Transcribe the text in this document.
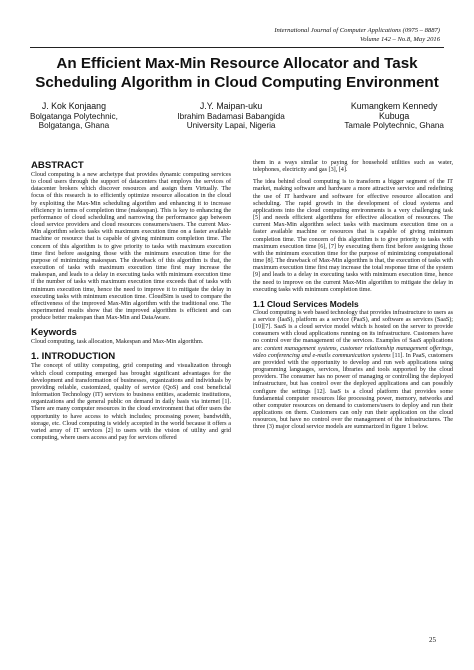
International Journal of Computer Applications (0975 – 8887)
Volume 142 – No.8, May 2016
An Efficient Max-Min Resource Allocator and Task
Scheduling Algorithm in Cloud Computing Environment
J. Kok Konjaang
Bolgatanga Polytechnic,
Bolgatanga, Ghana
J.Y. Maipan-uku
Ibrahim Badamasi Babangida
University Lapai, Nigeria
Kumangkem Kennedy
Kubuga
Tamale Polytechnic, Ghana
ABSTRACT

Cloud computing is a new archetype that provides dynamic computing services to cloud users through the support of datacenters that employs the services of datacenter brokers which discover resources and assign them Virtually. The focus of this research is to efficiently optimize resource allocation in the cloud by exploiting the Max-Min scheduling algorithm and enhancing it to increase efficiency in terms of completion time (makespan). This is key to enhancing the performance of cloud scheduling and narrowing the performance gap between cloud service providers and cloud resources consumers/users. The current Max-Min algorithm selects tasks with maximum execution time on a faster available machine or resource that is capable of giving minimum completion time. The concern of this algorithm is to give priority to tasks with maximum execution time first before assigning those with the minimum execution time for the purpose of minimizing makespan. The drawback of this algorithm is that, the execution of tasks with maximum execution time first may increase the makespan, and leads to a delay in executing tasks with minimum execution time if the number of tasks with maximum execution time exceeds that of tasks with minimum execution time, hence the need to improve it to mitigate the delay in executing tasks with minimum execution time. CloudSim is used to compare the effectiveness of the improved Max-Min algorithm with the traditional one. The experimented results show that the improved algorithm is efficient and can produce better makespan than Max-Min and DataAware.

Keywords

Cloud computing, task allocation, Makespan and Max-Min algorithm.

1. INTRODUCTION

The concept of utility computing, grid computing and visualization through which cloud computing emerged has brought significant advantages for the development and transformation of businesses, organizations and individuals by providing reliable, customized, quality of service (QoS) and cost beneficial Information Technology (IT) services to business entities, academic institutions, organizations and the general public on demand in daily basis via internet [1]. There are many computer resources in the cloud environment that offer users the opportunity to have access to which includes; processing power, bandwidth, storage, etc. Cloud computing is widely accepted in the world because it offers a varied array of IT services [2] to users with the vision of utility and grid computing, where users access and pay for services offered

them in a ways similar to paying for household utilities such as water, telephones, electricity and gas [3], [4].

The idea behind cloud computing is to transform a bigger segment of the IT market, making software and hardware a more attractive service and redefining the use of IT hardware and software for effective resource allocation and scheduling. The rapid growth in the development of cloud systems and applications into the cloud computing environments is a very challenging task [5] and needs efficient algorithms for effective allocation of resources. The current Max-Min algorithm select tasks with maximum execution time on a faster available machine or resources that is capable of giving minimum completion time. The concern of this algorithm is to give priority to tasks with maximum execution time [6], [7] by executing them first before assigning those with the minimum execution time for the purpose of minimizing computational time [8]. The drawback of Max-Min algorithm is that, the execution of tasks with maximum execution time first may increase the total response time of the system [9] and leads to a delay in executing tasks with minimum execution time, hence the need to improve on the current Max-Min algorithm to mitigate the delay in executing tasks with minimum completion time.

1.1 Cloud Services Models

Cloud computing is web based technology that provides infrastructure to users as a service (IaaS), platform as a service (PaaS), and software as services (SaaS); [10][7]. SaaS is a cloud service model which is hosted on the server to provide consumers with cloud applications running on its infrastructure. Customers have no control over the management of the services. Examples of SaaS applications are: content management systems, customer relationship management offerings, video conferencing and e-mails communication systems [11]. In PaaS, customers are provided with the opportunity to develop and run web applications using programming languages, services, libraries and tools supported by the cloud providers. The consumer has no power of managing or controlling the deployed infrastructure, but has control over the deployed applications and can possibly configure the settings [12]. IaaS is a cloud platform that provides some fundamental computer resources like processing power, memory, networks and other computer resources on demand to customers/users to deploy and run their applications on them. Customers can only run their application on the cloud resources, but have no control over the management of the infrastructures. The three (3) major cloud service models are summarized in figure 1 below.

25
